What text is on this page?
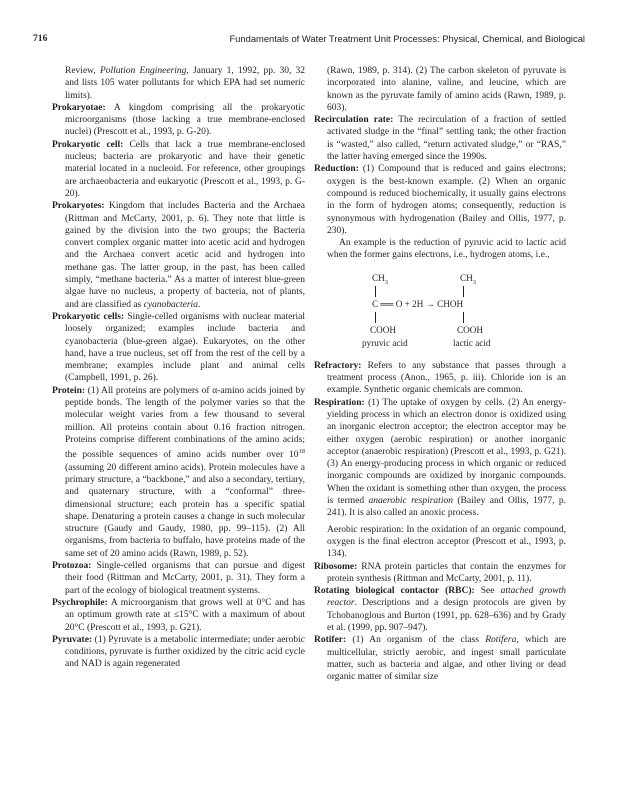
716	Fundamentals of Water Treatment Unit Processes: Physical, Chemical, and Biological

Review, Pollution Engineering, January 1, 1992, pp. 30, 32 and lists 105 water pollutants for which EPA had set numeric limits).

Prokaryotae: A kingdom comprising all the prokaryotic microorganisms (those lacking a true membrane-enclosed nuclei) (Prescott et al., 1993, p. G-20).

Prokaryotic cell: Cells that lack a true membrane-enclosed nucleus; bacteria are prokaryotic and have their genetic material located in a nucleoid. For reference, other groupings are archaeobacteria and eukaryotic (Prescott et al., 1993, p. G-20).

Prokaryotes: Kingdom that includes Bacteria and the Archaea (Rittman and McCarty, 2001, p. 6). They note that little is gained by the division into the two groups; the Bacteria convert complex organic matter into acetic acid and hydrogen and the Archaea convert acetic acid and hydrogen into methane gas. The latter group, in the past, has been called simply, “methane bacteria.” As a matter of interest blue-green algae have no nucleus, a property of bacteria, not of plants, and are classified as cyanobacteria.

Prokaryotic cells: Single-celled organisms with nuclear material loosely organized; examples include bacteria and cyanobacteria (blue-green algae). Eukaryotes, on the other hand, have a true nucleus, set off from the rest of the cell by a membrane; examples include plant and animal cells (Campbell, 1991, p. 26).

Protein: (1) All proteins are polymers of α-amino acids joined by peptide bonds. The length of the polymer varies so that the molecular weight varies from a few thousand to several million. All proteins contain about 0.16 fraction nitrogen. Proteins comprise different combinations of the amino acids; the possible sequences of amino acids number over $10^{18}$ (assuming 20 different amino acids). Protein molecules have a primary structure, a “backbone,” and also a secondary, tertiary, and quaternary structure, with a “conformal” three-dimensional structure; each protein has a specific spatial shape. Denaturing a protein causes a change in such molecular structure (Gaudy and Gaudy, 1980, pp. 99–115). (2) All organisms, from bacteria to buffalo, have proteins made of the same set of 20 amino acids (Rawn, 1989, p. 52).

Protozoa: Single-celled organisms that can pursue and digest their food (Rittman and McCarty, 2001, p. 31). They form a part of the ecology of biological treatment systems.

Psychrophile: A microorganism that grows well at 0°C and has an optimum growth rate at ≤15°C with a maximum of about 20°C (Prescott et al., 1993, p. G21).

Pyruvate: (1) Pyruvate is a metabolic intermediate; under aerobic conditions, pyruvate is further oxidized by the citric acid cycle and NAD is again regenerated

(Rawn, 1989, p. 314). (2) The carbon skeleton of pyruvate is incorporated into alanine, valine, and leucine, which are known as the pyruvate family of amino acids (Rawn, 1989, p. 603).

Recirculation rate: The recirculation of a fraction of settled activated sludge in the “final” settling tank; the other fraction is “wasted,” also called, “return activated sludge,” or “RAS,” the latter having emerged since the 1990s.

Reduction: (1) Compound that is reduced and gains electrons; oxygen is the best-known example. (2) When an organic compound is reduced biochemically, it usually gains electrons in the form of hydrogen atoms; consequently, reduction is synonymous with hydrogenation (Bailey and Ollis, 1977, p. 230).

An example is the reduction of pyruvic acid to lactic acid when the former gains electrons, i.e., hydrogen atoms, i.e.,

$CH_3$	$CH_3$
C ══ O + 2H → CHOH
COOH	COOH
pyruvic acid	lactic acid

Refractory: Refers to any substance that passes through a treatment process (Anon., 1965, p. iii). Chloride ion is an example. Synthetic organic chemicals are common.

Respiration: (1) The uptake of oxygen by cells. (2) An energy-yielding process in which an electron donor is oxidized using an inorganic electron acceptor; the electron acceptor may be either oxygen (aerobic respiration) or another inorganic acceptor (anaerobic respiration) (Prescott et al., 1993, p. G21). (3) An energy-producing process in which organic or reduced inorganic compounds are oxidized by inorganic compounds. When the oxidant is something other than oxygen, the process is termed anaerobic respiration (Bailey and Ollis, 1977, p. 241). It is also called an anoxic process.

Aerobic respiration: In the oxidation of an organic compound, oxygen is the final electron acceptor (Prescott et al., 1993, p. 134).

Ribosome: RNA protein particles that contain the enzymes for protein synthesis (Rittman and McCarty, 2001, p. 11).

Rotating biological contactor (RBC): See attached growth reactor. Descriptions and a design protocols are given by Tchobanoglous and Burton (1991, pp. 628–636) and by Grady et al. (1999, pp. 907–947).

Rotifer: (1) An organism of the class Rotifera, which are multicellular, strictly aerobic, and ingest small particulate matter, such as bacteria and algae, and other living or dead organic matter of similar size
